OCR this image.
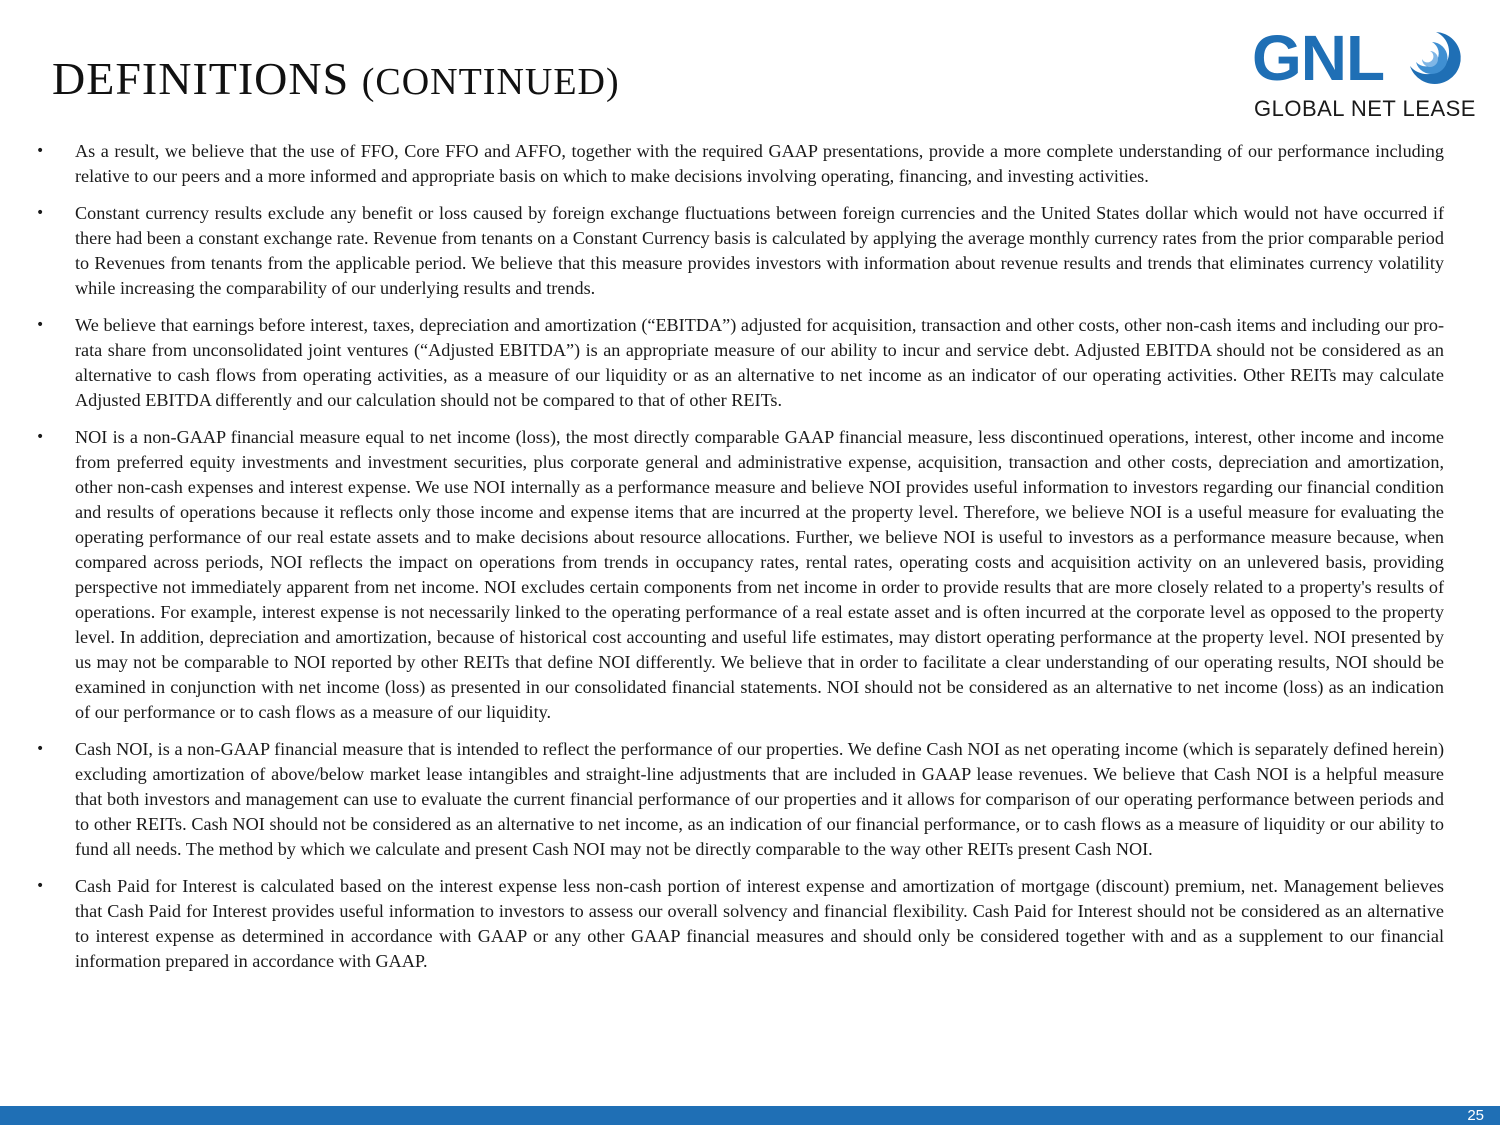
DEFINITIONS (CONTINUED)	GNL
GLOBAL NET LEASE
• As a result, we believe that the use of FFO, Core FFO and AFFO, together with the required GAAP presentations, provide a more complete understanding of our performance including relative to our peers and a more informed and appropriate basis on which to make decisions involving operating, financing, and investing activities.
• Constant currency results exclude any benefit or loss caused by foreign exchange fluctuations between foreign currencies and the United States dollar which would not have occurred if there had been a constant exchange rate. Revenue from tenants on a Constant Currency basis is calculated by applying the average monthly currency rates from the prior comparable period to Revenues from tenants from the applicable period. We believe that this measure provides investors with information about revenue results and trends that eliminates currency volatility while increasing the comparability of our underlying results and trends.
• We believe that earnings before interest, taxes, depreciation and amortization (“EBITDA”) adjusted for acquisition, transaction and other costs, other non-cash items and including our pro-rata share from unconsolidated joint ventures (“Adjusted EBITDA”) is an appropriate measure of our ability to incur and service debt. Adjusted EBITDA should not be considered as an alternative to cash flows from operating activities, as a measure of our liquidity or as an alternative to net income as an indicator of our operating activities. Other REITs may calculate Adjusted EBITDA differently and our calculation should not be compared to that of other REITs.
• NOI is a non-GAAP financial measure equal to net income (loss), the most directly comparable GAAP financial measure, less discontinued operations, interest, other income and income from preferred equity investments and investment securities, plus corporate general and administrative expense, acquisition, transaction and other costs, depreciation and amortization, other non-cash expenses and interest expense. We use NOI internally as a performance measure and believe NOI provides useful information to investors regarding our financial condition and results of operations because it reflects only those income and expense items that are incurred at the property level. Therefore, we believe NOI is a useful measure for evaluating the operating performance of our real estate assets and to make decisions about resource allocations. Further, we believe NOI is useful to investors as a performance measure because, when compared across periods, NOI reflects the impact on operations from trends in occupancy rates, rental rates, operating costs and acquisition activity on an unlevered basis, providing perspective not immediately apparent from net income. NOI excludes certain components from net income in order to provide results that are more closely related to a property's results of operations. For example, interest expense is not necessarily linked to the operating performance of a real estate asset and is often incurred at the corporate level as opposed to the property level. In addition, depreciation and amortization, because of historical cost accounting and useful life estimates, may distort operating performance at the property level. NOI presented by us may not be comparable to NOI reported by other REITs that define NOI differently. We believe that in order to facilitate a clear understanding of our operating results, NOI should be examined in conjunction with net income (loss) as presented in our consolidated financial statements. NOI should not be considered as an alternative to net income (loss) as an indication of our performance or to cash flows as a measure of our liquidity.
• Cash NOI, is a non-GAAP financial measure that is intended to reflect the performance of our properties. We define Cash NOI as net operating income (which is separately defined herein) excluding amortization of above/below market lease intangibles and straight-line adjustments that are included in GAAP lease revenues. We believe that Cash NOI is a helpful measure that both investors and management can use to evaluate the current financial performance of our properties and it allows for comparison of our operating performance between periods and to other REITs. Cash NOI should not be considered as an alternative to net income, as an indication of our financial performance, or to cash flows as a measure of liquidity or our ability to fund all needs. The method by which we calculate and present Cash NOI may not be directly comparable to the way other REITs present Cash NOI.
• Cash Paid for Interest is calculated based on the interest expense less non-cash portion of interest expense and amortization of mortgage (discount) premium, net. Management believes that Cash Paid for Interest provides useful information to investors to assess our overall solvency and financial flexibility. Cash Paid for Interest should not be considered as an alternative to interest expense as determined in accordance with GAAP or any other GAAP financial measures and should only be considered together with and as a supplement to our financial information prepared in accordance with GAAP.
25
